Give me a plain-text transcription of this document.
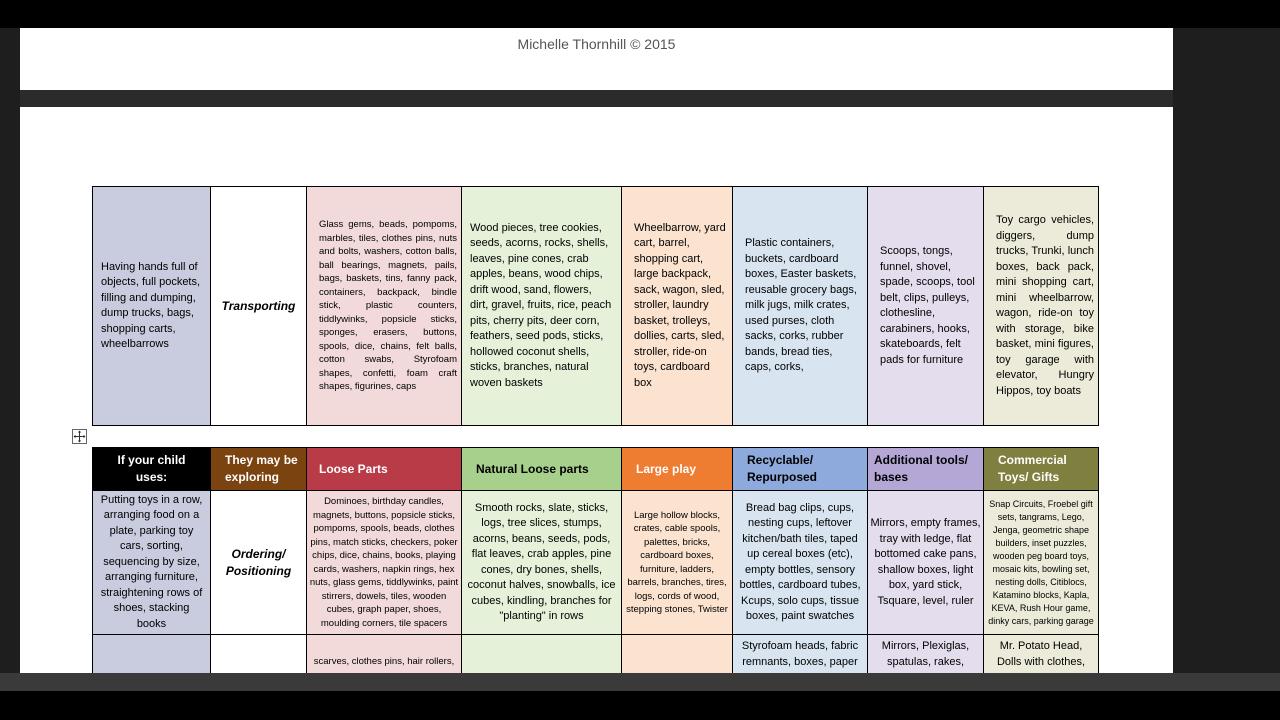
Michelle Thornhill © 2015
Having hands full of objects, full pockets, filling and dumping, dump trucks, bags, shopping carts, wheelbarrows
Transporting
Glass gems, beads, pompoms, marbles, tiles, clothes pins, nuts and bolts, washers, cotton balls, ball bearings, magnets, pails, bags, baskets, tins, fanny pack, containers, backpack, bindle stick, plastic counters, tiddlywinks, popsicle sticks, sponges, erasers, buttons, spools, dice, chains, felt balls, cotton swabs, Styrofoam shapes, confetti, foam craft shapes, figurines, caps
Wood pieces, tree cookies, seeds, acorns, rocks, shells, leaves, pine cones, crab apples, beans, wood chips, drift wood, sand, flowers, dirt, gravel, fruits, rice, peach pits, cherry pits, deer corn, feathers, seed pods, sticks, hollowed coconut shells, sticks, branches, natural woven baskets
Wheelbarrow, yard cart, barrel, shopping cart, large backpack, sack, wagon, sled, stroller, laundry basket, trolleys, dollies, carts, sled, stroller, ride-on toys, cardboard box
Plastic containers, buckets, cardboard boxes, Easter baskets, reusable grocery bags, milk jugs, milk crates, used purses, cloth sacks, corks, rubber bands, bread ties, caps, corks,
Scoops, tongs, funnel, shovel, spade, scoops, tool belt, clips, pulleys, clothesline, carabiners, hooks, skateboards, felt pads for furniture
Toy cargo vehicles, diggers, dump trucks, Trunki, lunch boxes, back pack, mini shopping cart, mini wheelbarrow, wagon, ride-on toy with storage, bike basket, mini figures, toy garage with elevator, Hungry Hippos, toy boats
If your child uses:
They may be exploring
Loose Parts	Natural Loose parts	Large play
Recyclable/ Repurposed
Additional tools/ bases
Commercial Toys/ Gifts
Putting toys in a row, arranging food on a plate, parking toy cars, sorting, sequencing by size, arranging furniture, straightening rows of shoes, stacking books
Ordering/ Positioning
Dominoes, birthday candles, magnets, buttons, popsicle sticks, pompoms, spools, beads, clothes pins, match sticks, checkers, poker chips, dice, chains, books, playing cards, washers, napkin rings, hex nuts, glass gems, tiddlywinks, paint stirrers, dowels, tiles, wooden cubes, graph paper, shoes, moulding corners, tile spacers
Smooth rocks, slate, sticks, logs, tree slices, stumps, acorns, beans, seeds, pods, flat leaves, crab apples, pine cones, dry bones, shells, coconut halves, snowballs, ice cubes, kindling, branches for "planting" in rows
Large hollow blocks, crates, cable spools, palettes, bricks, cardboard boxes, furniture, ladders, barrels, branches, tires, logs, cords of wood, stepping stones, Twister
Bread bag clips, cups, nesting cups, leftover kitchen/bath tiles, taped up cereal boxes (etc), empty bottles, sensory bottles, cardboard tubes, Kcups, solo cups, tissue boxes, paint swatches
Mirrors, empty frames, tray with ledge, flat bottomed cake pans, shallow boxes, light box, yard stick, Tsquare, level, ruler
Snap Circuits, Froebel gift sets, tangrams, Lego, Jenga, geometric shape builders, inset puzzles, wooden peg board toys, mosaic kits, bowling set, nesting dolls, Citiblocs, Katamino blocks, Kapla, KEVA, Rush Hour game, dinky cars, parking garage
scarves, clothes pins, hair rollers,
Styrofoam heads, fabric remnants, boxes, paper
Mirrors, Plexiglas, spatulas, rakes,
Mr. Potato Head, Dolls with clothes,
